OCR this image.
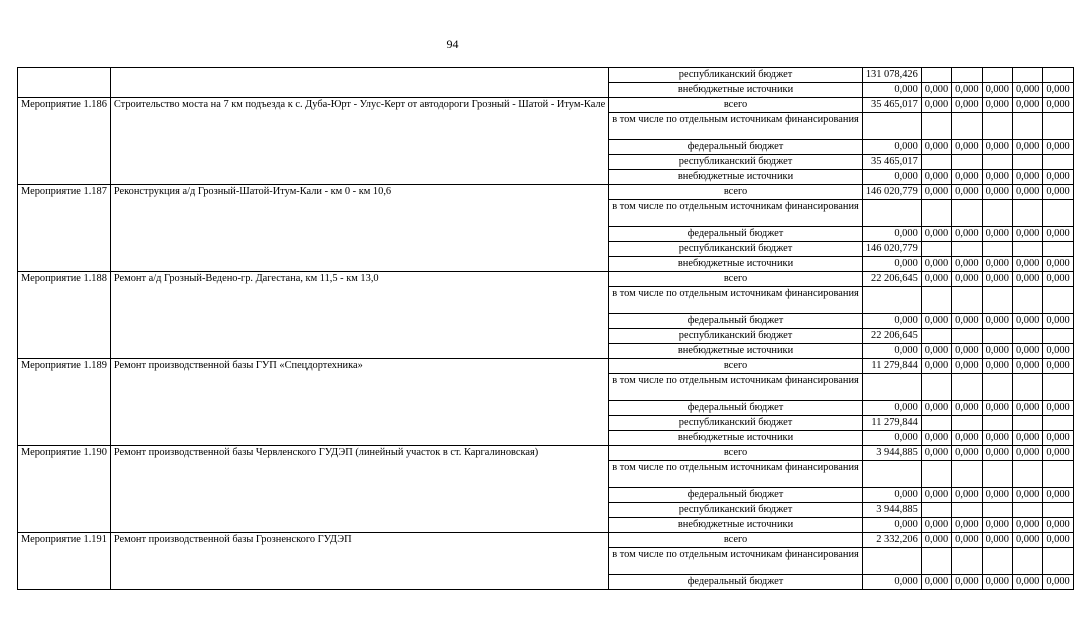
94
		республиканский бюджет	131 078,426					
		внебюджетные источники	0,000	0,000	0,000	0,000	0,000	0,000
Мероприятие 1.186	Строительство моста на 7 км подъезда к с. Дуба-Юрт - Улус-Керт от автодороги Грозный - Шатой - Итум-Кале	всего	35 465,017	0,000	0,000	0,000	0,000	0,000
		в том числе по отдельным источникам финансирования						
		федеральный бюджет	0,000	0,000	0,000	0,000	0,000	0,000
		республиканский бюджет	35 465,017					
		внебюджетные источники	0,000	0,000	0,000	0,000	0,000	0,000
Мероприятие 1.187	Реконструкция а/д Грозный-Шатой-Итум-Кали - км 0 - км 10,6	всего	146 020,779	0,000	0,000	0,000	0,000	0,000
		в том числе по отдельным источникам финансирования						
		федеральный бюджет	0,000	0,000	0,000	0,000	0,000	0,000
		республиканский бюджет	146 020,779					
		внебюджетные источники	0,000	0,000	0,000	0,000	0,000	0,000
Мероприятие 1.188	Ремонт а/д Грозный-Ведено-гр. Дагестана, км 11,5 - км 13,0	всего	22 206,645	0,000	0,000	0,000	0,000	0,000
		в том числе по отдельным источникам финансирования						
		федеральный бюджет	0,000	0,000	0,000	0,000	0,000	0,000
		республиканский бюджет	22 206,645					
		внебюджетные источники	0,000	0,000	0,000	0,000	0,000	0,000
Мероприятие 1.189	Ремонт производственной базы ГУП «Спецдортехника»	всего	11 279,844	0,000	0,000	0,000	0,000	0,000
		в том числе по отдельным источникам финансирования						
		федеральный бюджет	0,000	0,000	0,000	0,000	0,000	0,000
		республиканский бюджет	11 279,844					
		внебюджетные источники	0,000	0,000	0,000	0,000	0,000	0,000
Мероприятие 1.190	Ремонт производственной базы Червленского ГУДЭП (линейный участок в ст. Каргалиновская)	всего	3 944,885	0,000	0,000	0,000	0,000	0,000
		в том числе по отдельным источникам финансирования						
		федеральный бюджет	0,000	0,000	0,000	0,000	0,000	0,000
		республиканский бюджет	3 944,885					
		внебюджетные источники	0,000	0,000	0,000	0,000	0,000	0,000
Мероприятие 1.191	Ремонт производственной базы Грозненского ГУДЭП	всего	2 332,206	0,000	0,000	0,000	0,000	0,000
		в том числе по отдельным источникам финансирования						
		федеральный бюджет	0,000	0,000	0,000	0,000	0,000	0,000
